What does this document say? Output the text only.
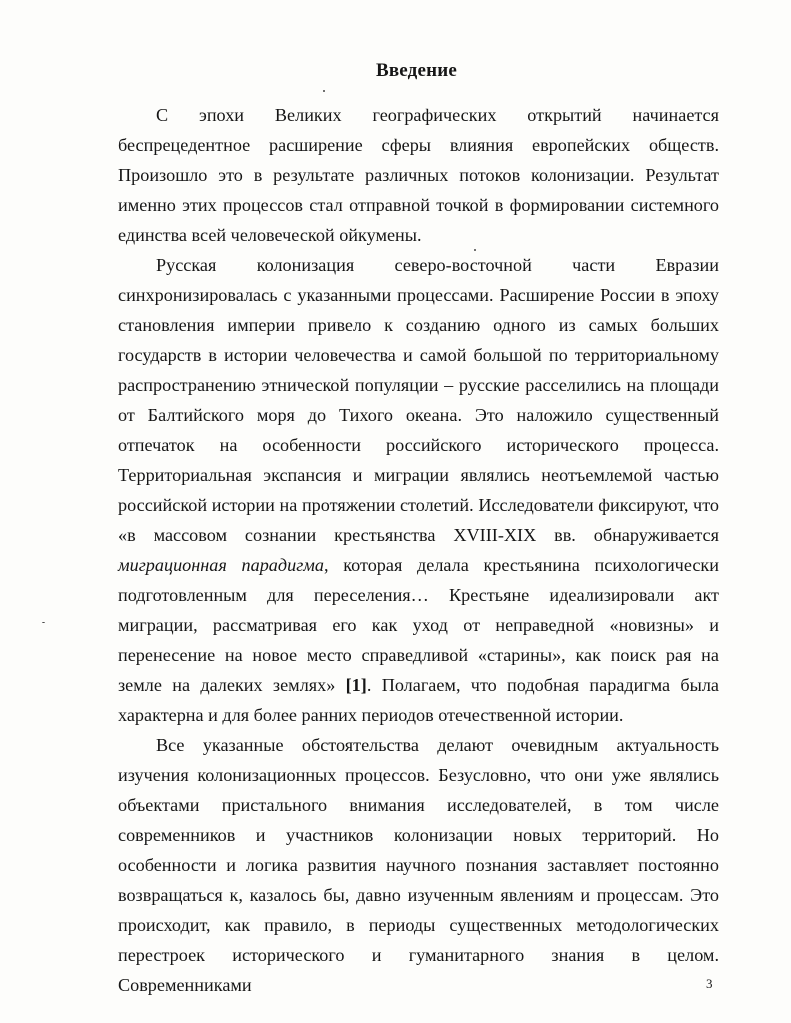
Введение

С эпохи Великих географических открытий начинается беспрецедентное расширение сферы влияния европейских обществ. Произошло это в результате различных потоков колонизации. Результат именно этих процессов стал отправной точкой в формировании системного единства всей человеческой ойкумены.

Русская колонизация северо-восточной части Евразии синхронизировалась с указанными процессами. Расширение России в эпоху становления империи привело к созданию одного из самых больших государств в истории человечества и самой большой по территориальному распространению этнической популяции – русские расселились на площади от Балтийского моря до Тихого океана. Это наложило существенный отпечаток на особенности российского исторического процесса. Территориальная экспансия и миграции являлись неотъемлемой частью российской истории на протяжении столетий. Исследователи фиксируют, что «в массовом сознании крестьянства XVIII-XIX вв. обнаруживается миграционная парадигма, которая делала крестьянина психологически подготовленным для переселения… Крестьяне идеализировали акт миграции, рассматривая его как уход от неправедной «новизны» и перенесение на новое место справедливой «старины», как поиск рая на земле на далеких землях» [1]. Полагаем, что подобная парадигма была характерна и для более ранних периодов отечественной истории.

Все указанные обстоятельства делают очевидным актуальность изучения колонизационных процессов. Безусловно, что они уже являлись объектами пристального внимания исследователей, в том числе современников и участников колонизации новых территорий. Но особенности и логика развития научного познания заставляет постоянно возвращаться к, казалось бы, давно изученным явлениям и процессам. Это происходит, как правило, в периоды существенных методологических перестроек исторического и гуманитарного знания в целом. Современниками	3
